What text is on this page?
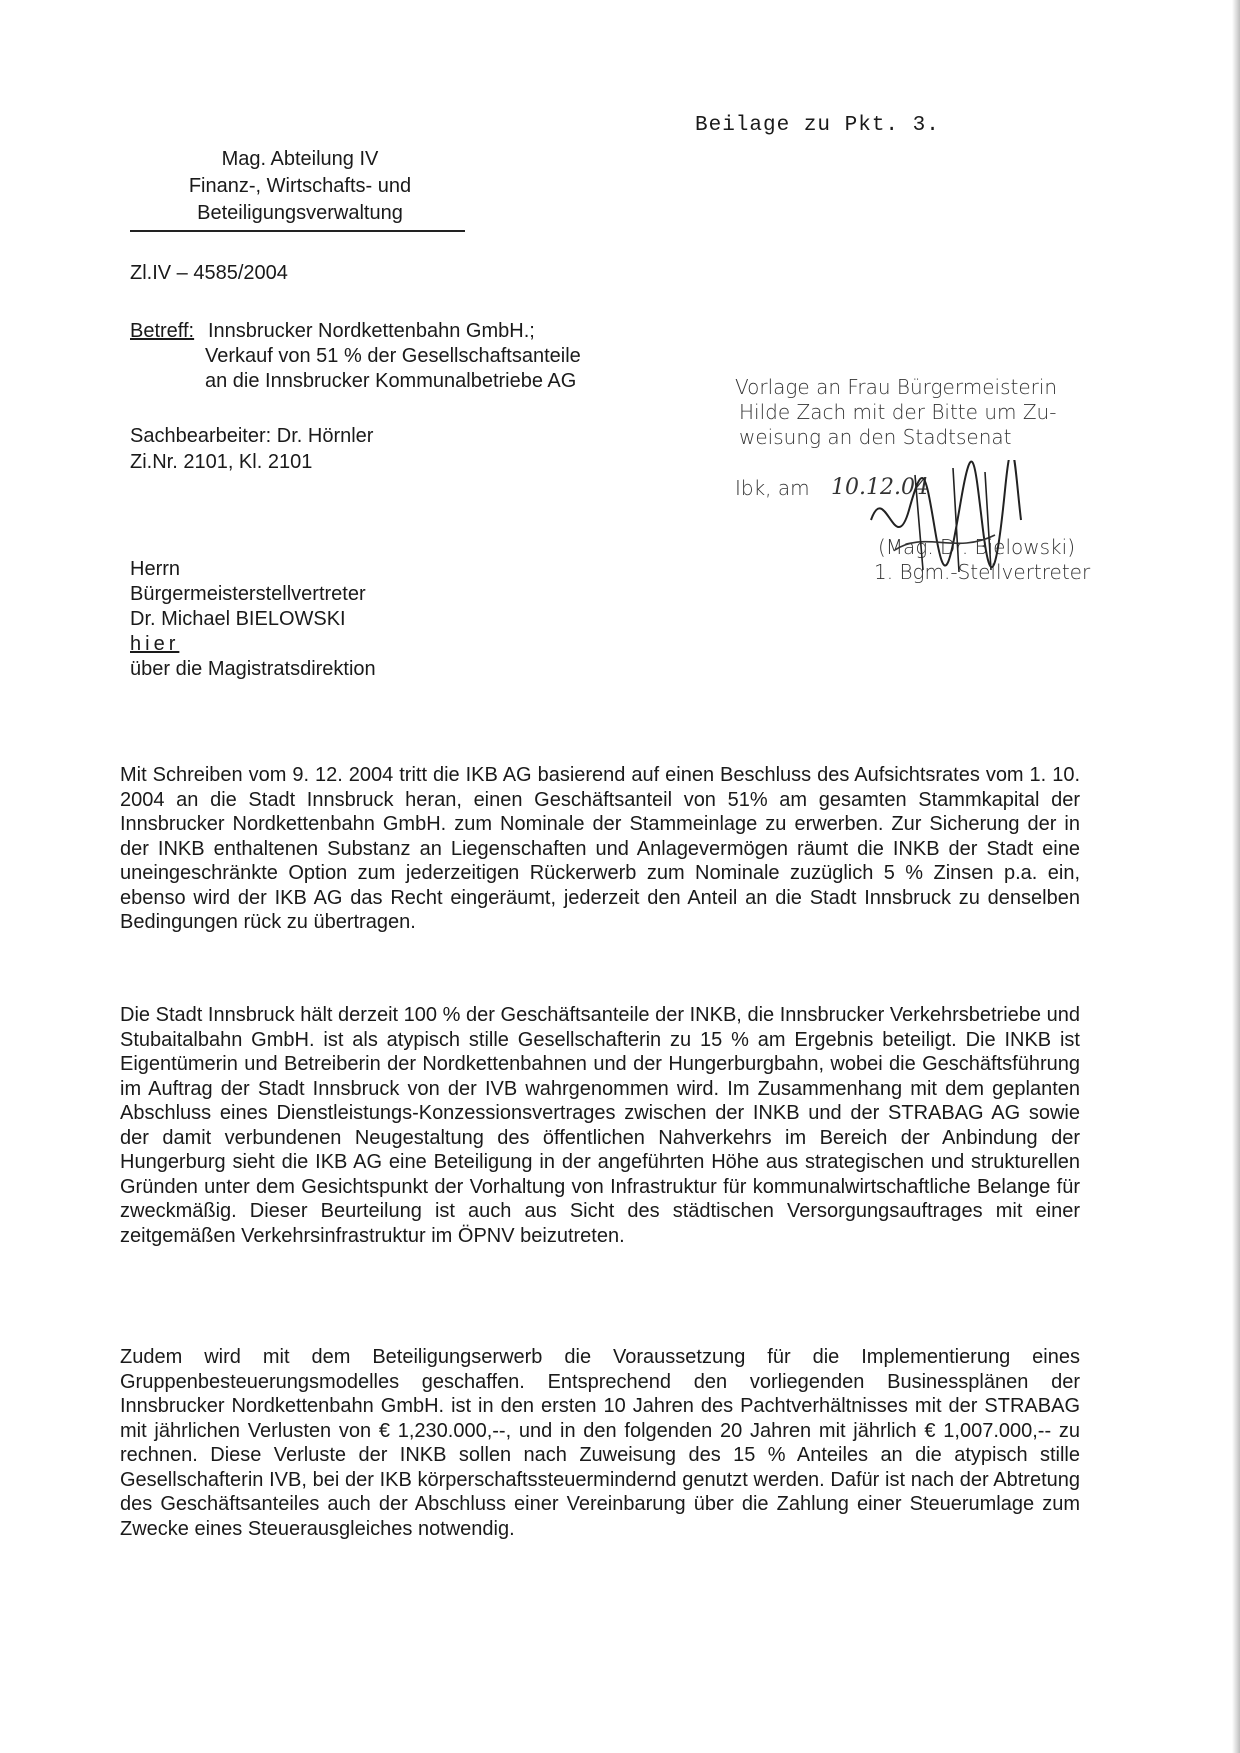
Beilage zu Pkt. 3.
Mag. Abteilung IV
Finanz-, Wirtschafts- und
Beteiligungsverwaltung
Zl.IV – 4585/2004
Betreff: Innsbrucker Nordkettenbahn GmbH.;
Verkauf von 51 % der Gesellschaftsanteile
an die Innsbrucker Kommunalbetriebe AG
Sachbearbeiter: Dr. Hörnler
Zi.Nr. 2101, Kl. 2101
Vorlage an Frau Bürgermeisterin
Hilde Zach mit der Bitte um Zu-
weisung an den Stadtsenat
Ibk, am 10.12.04
(Mag. Dr. Bielowski)
1. Bgm.-Stellvertreter
Herrn
Bürgermeisterstellvertreter
Dr. Michael BIELOWSKI
hier
über die Magistratsdirektion

Mit Schreiben vom 9. 12. 2004 tritt die IKB AG basierend auf einen Beschluss des Aufsichtsrates vom 1. 10. 2004 an die Stadt Innsbruck heran, einen Geschäftsanteil von 51% am gesamten Stammkapital der Innsbrucker Nordkettenbahn GmbH. zum Nominale der Stammeinlage zu erwerben. Zur Sicherung der in der INKB enthaltenen Substanz an Liegenschaften und Anlagevermögen räumt die INKB der Stadt eine uneingeschränkte Option zum jederzeitigen Rückerwerb zum Nominale zuzüglich 5 % Zinsen p.a. ein, ebenso wird der IKB AG das Recht eingeräumt, jederzeit den Anteil an die Stadt Innsbruck zu denselben Bedingungen rück zu übertragen.

Die Stadt Innsbruck hält derzeit 100 % der Geschäftsanteile der INKB, die Innsbrucker Verkehrsbetriebe und Stubaitalbahn GmbH. ist als atypisch stille Gesellschafterin zu 15 % am Ergebnis beteiligt. Die INKB ist Eigentümerin und Betreiberin der Nordkettenbahnen und der Hungerburgbahn, wobei die Geschäftsführung im Auftrag der Stadt Innsbruck von der IVB wahrgenommen wird. Im Zusammenhang mit dem geplanten Abschluss eines Dienstleistungs-Konzessionsvertrages zwischen der INKB und der STRABAG AG sowie der damit verbundenen Neugestaltung des öffentlichen Nahverkehrs im Bereich der Anbindung der Hungerburg sieht die IKB AG eine Beteiligung in der angeführten Höhe aus strategischen und strukturellen Gründen unter dem Gesichtspunkt der Vorhaltung von Infrastruktur für kommunalwirtschaftliche Belange für zweckmäßig. Dieser Beurteilung ist auch aus Sicht des städtischen Versorgungsauftrages mit einer zeitgemäßen Verkehrsinfrastruktur im ÖPNV beizutreten.

Zudem wird mit dem Beteiligungserwerb die Voraussetzung für die Implementierung eines Gruppenbesteuerungsmodelles geschaffen. Entsprechend den vorliegenden Businessplänen der Innsbrucker Nordkettenbahn GmbH. ist in den ersten 10 Jahren des Pachtverhältnisses mit der STRABAG mit jährlichen Verlusten von € 1,230.000,--, und in den folgenden 20 Jahren mit jährlich € 1,007.000,-- zu rechnen. Diese Verluste der INKB sollen nach Zuweisung des 15 % Anteiles an die atypisch stille Gesellschafterin IVB, bei der IKB körperschaftssteuermindernd genutzt werden. Dafür ist nach der Abtretung des Geschäftsanteiles auch der Abschluss einer Vereinbarung über die Zahlung einer Steuerumlage zum Zwecke eines Steuerausgleiches notwendig.
